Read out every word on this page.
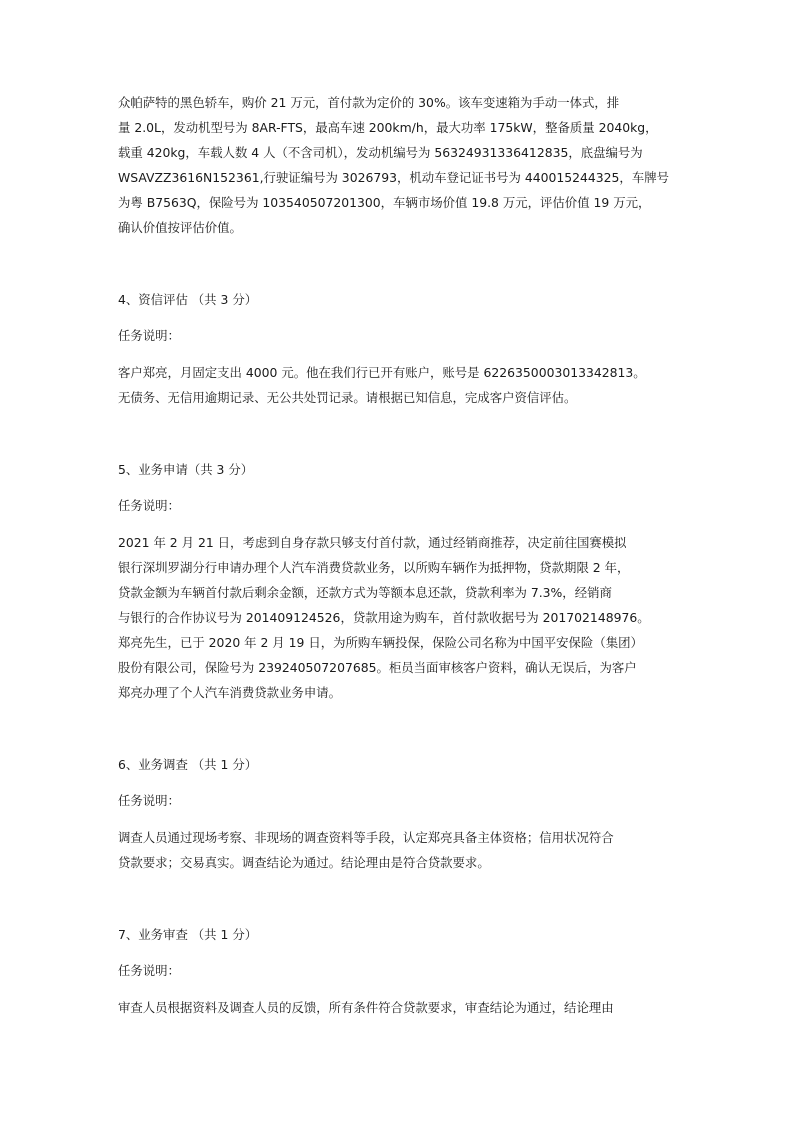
众帕萨特的黑色轿车，购价 21 万元，首付款为定价的 30%。该车变速箱为手动一体式，排
量 2.0L，发动机型号为 8AR-FTS，最高车速 200km/h，最大功率 175kW，整备质量 2040kg，
载重 420kg，车载人数 4 人（不含司机），发动机编号为 56324931336412835，底盘编号为
WSAVZZ3616N152361,行驶证编号为 3026793，机动车登记证书号为 440015244325，车牌号
为粤 B7563Q，保险号为 103540507201300，车辆市场价值 19.8 万元，评估价值 19 万元，
确认价值按评估价值。

4、资信评估 （共 3 分）

任务说明：

客户郑亮，月固定支出 4000 元。他在我们行已开有账户，账号是 6226350003013342813。
无债务、无信用逾期记录、无公共处罚记录。请根据已知信息，完成客户资信评估。

5、业务申请（共 3 分）

任务说明：

2021 年 2 月 21 日，考虑到自身存款只够支付首付款，通过经销商推荐，决定前往国赛模拟
银行深圳罗湖分行申请办理个人汽车消费贷款业务，以所购车辆作为抵押物，贷款期限 2 年，
贷款金额为车辆首付款后剩余金额，还款方式为等额本息还款，贷款利率为 7.3%，经销商
与银行的合作协议号为 201409124526，贷款用途为购车，首付款收据号为 201702148976。
郑亮先生，已于 2020 年 2 月 19 日，为所购车辆投保，保险公司名称为中国平安保险（集团）
股份有限公司，保险号为 239240507207685。柜员当面审核客户资料，确认无误后，为客户
郑亮办理了个人汽车消费贷款业务申请。

6、业务调查 （共 1 分）

任务说明：

调查人员通过现场考察、非现场的调查资料等手段，认定郑亮具备主体资格；信用状况符合
贷款要求；交易真实。调查结论为通过。结论理由是符合贷款要求。

7、业务审查 （共 1 分）

任务说明：

审查人员根据资料及调查人员的反馈，所有条件符合贷款要求，审查结论为通过，结论理由
